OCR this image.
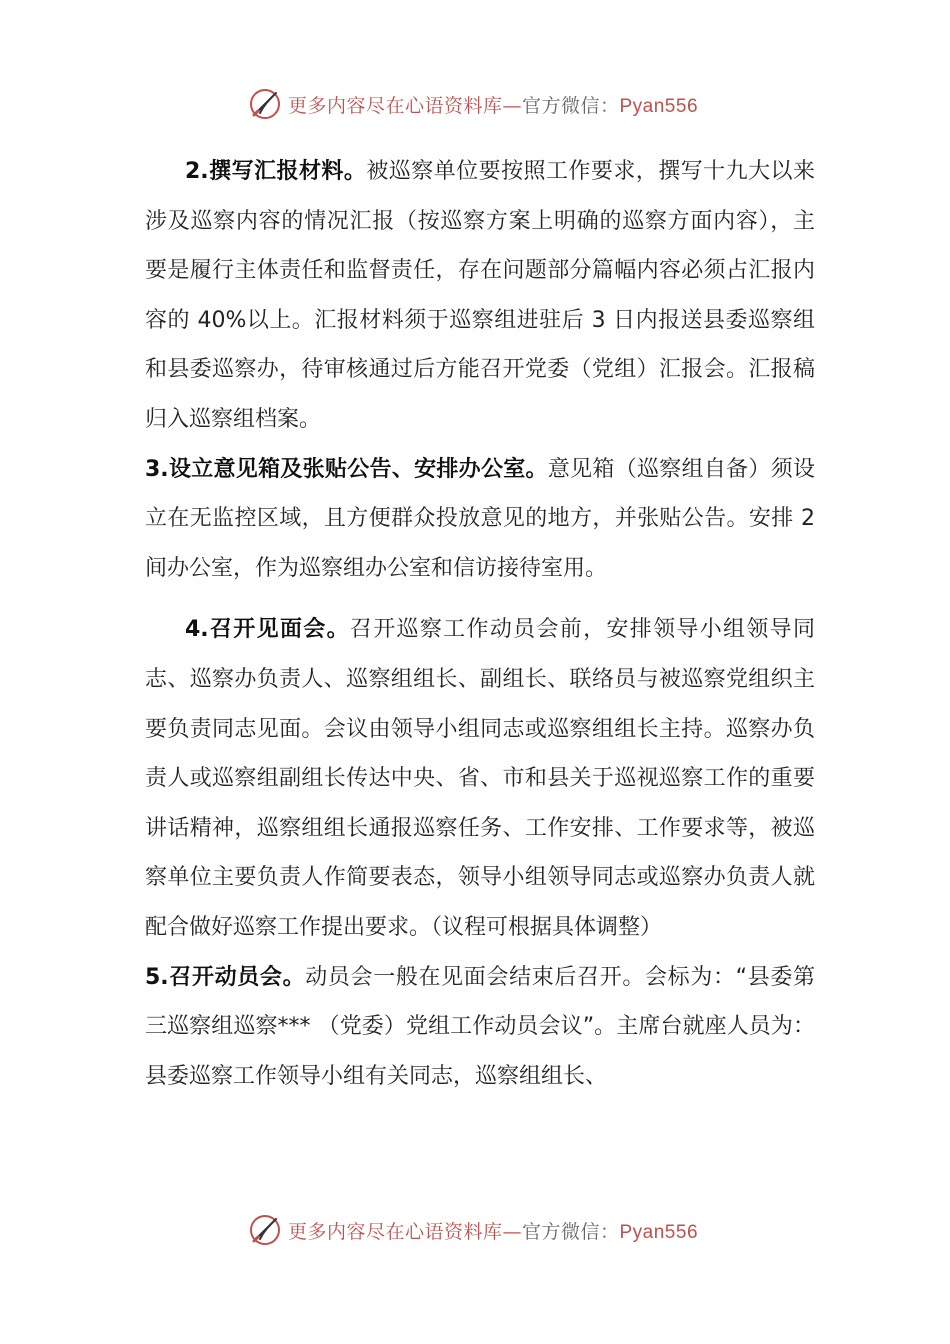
更多内容尽在心语资料库—官方微信：Pyan556

2.撰写汇报材料。被巡察单位要按照工作要求，撰写十九大以来涉及巡察内容的情况汇报（按巡察方案上明确的巡察方面内容），主要是履行主体责任和监督责任，存在问题部分篇幅内容必须占汇报内容的 40%以上。汇报材料须于巡察组进驻后 3 日内报送县委巡察组和县委巡察办，待审核通过后方能召开党委（党组）汇报会。汇报稿归入巡察组档案。

3.设立意见箱及张贴公告、安排办公室。意见箱（巡察组自备）须设立在无监控区域，且方便群众投放意见的地方，并张贴公告。安排 2 间办公室，作为巡察组办公室和信访接待室用。

4.召开见面会。召开巡察工作动员会前，安排领导小组领导同志、巡察办负责人、巡察组组长、副组长、联络员与被巡察党组织主要负责同志见面。会议由领导小组同志或巡察组组长主持。巡察办负责人或巡察组副组长传达中央、省、市和县关于巡视巡察工作的重要讲话精神，巡察组组长通报巡察任务、工作安排、工作要求等，被巡察单位主要负责人作简要表态，领导小组领导同志或巡察办负责人就配合做好巡察工作提出要求。（议程可根据具体调整）

5.召开动员会。动员会一般在见面会结束后召开。会标为：“县委第三巡察组巡察*** （党委）党组工作动员会议”。主席台就座人员为：县委巡察工作领导小组有关同志，巡察组组长、

更多内容尽在心语资料库—官方微信：Pyan556
